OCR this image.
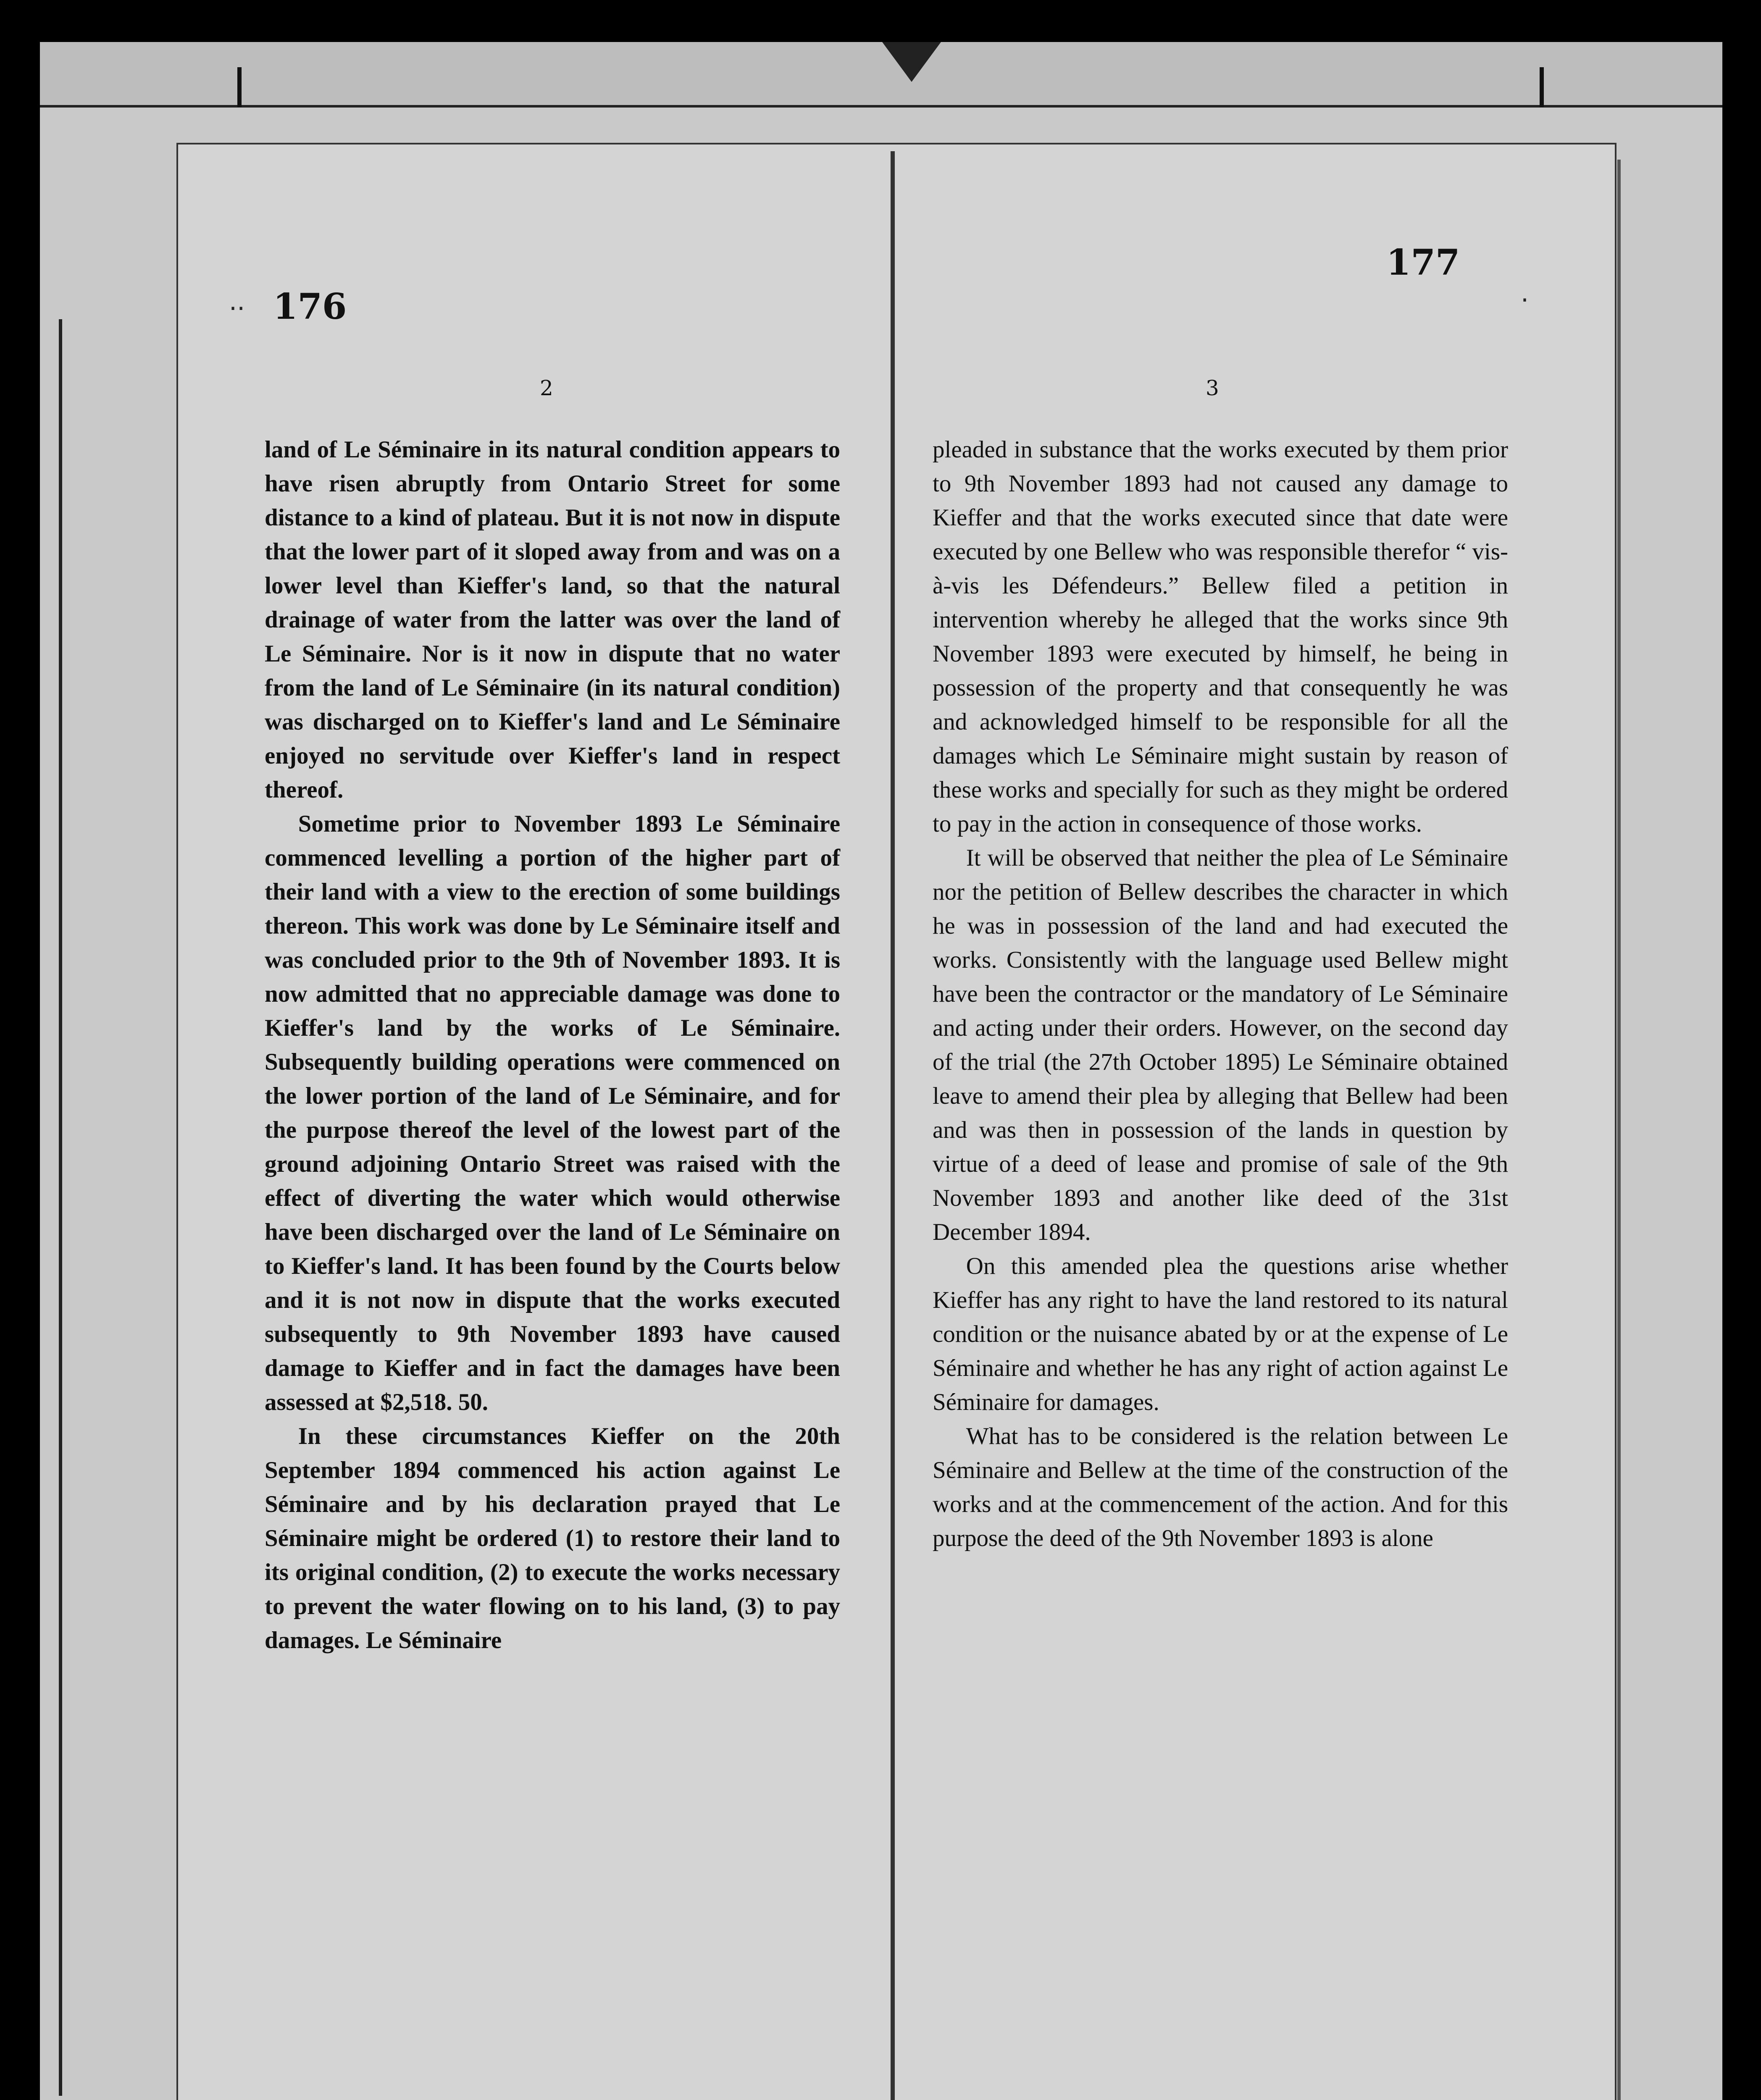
··	·
176
177
2	3

land of Le Séminaire in its natural condition appears to have risen abruptly from Ontario Street for some distance to a kind of plateau. But it is not now in dispute that the lower part of it sloped away from and was on a lower level than Kieffer's land, so that the natural drainage of water from the latter was over the land of Le Séminaire. Nor is it now in dispute that no water from the land of Le Séminaire (in its natural condition) was discharged on to Kieffer's land and Le Séminaire enjoyed no servitude over Kieffer's land in respect thereof.

Sometime prior to November 1893 Le Séminaire commenced levelling a portion of the higher part of their land with a view to the erection of some buildings thereon. This work was done by Le Séminaire itself and was concluded prior to the 9th of November 1893. It is now admitted that no appreciable damage was done to Kieffer's land by the works of Le Séminaire. Subsequently building operations were commenced on the lower portion of the land of Le Séminaire, and for the purpose thereof the level of the lowest part of the ground adjoining Ontario Street was raised with the effect of diverting the water which would otherwise have been discharged over the land of Le Séminaire on to Kieffer's land. It has been found by the Courts below and it is not now in dispute that the works executed subsequently to 9th November 1893 have caused damage to Kieffer and in fact the damages have been assessed at $2,518. 50.

In these circumstances Kieffer on the 20th September 1894 commenced his action against Le Séminaire and by his declaration prayed that Le Séminaire might be ordered (1) to restore their land to its original condition, (2) to execute the works necessary to prevent the water flowing on to his land, (3) to pay damages. Le Séminaire

pleaded in substance that the works executed by them prior to 9th November 1893 had not caused any damage to Kieffer and that the works executed since that date were executed by one Bellew who was responsible therefor “ vis-à-vis les Défendeurs.” Bellew filed a petition in intervention whereby he alleged that the works since 9th November 1893 were executed by himself, he being in possession of the property and that consequently he was and acknowledged himself to be responsible for all the damages which Le Séminaire might sustain by reason of these works and specially for such as they might be ordered to pay in the action in consequence of those works.

It will be observed that neither the plea of Le Séminaire nor the petition of Bellew describes the character in which he was in possession of the land and had executed the works. Consistently with the language used Bellew might have been the contractor or the mandatory of Le Séminaire and acting under their orders. However, on the second day of the trial (the 27th October 1895) Le Séminaire obtained leave to amend their plea by alleging that Bellew had been and was then in possession of the lands in question by virtue of a deed of lease and promise of sale of the 9th November 1893 and another like deed of the 31st December 1894.

On this amended plea the questions arise whether Kieffer has any right to have the land restored to its natural condition or the nuisance abated by or at the expense of Le Séminaire and whether he has any right of action against Le Séminaire for damages.

What has to be considered is the relation between Le Séminaire and Bellew at the time of the construction of the works and at the commencement of the action. And for this purpose the deed of the 9th November 1893 is alone
